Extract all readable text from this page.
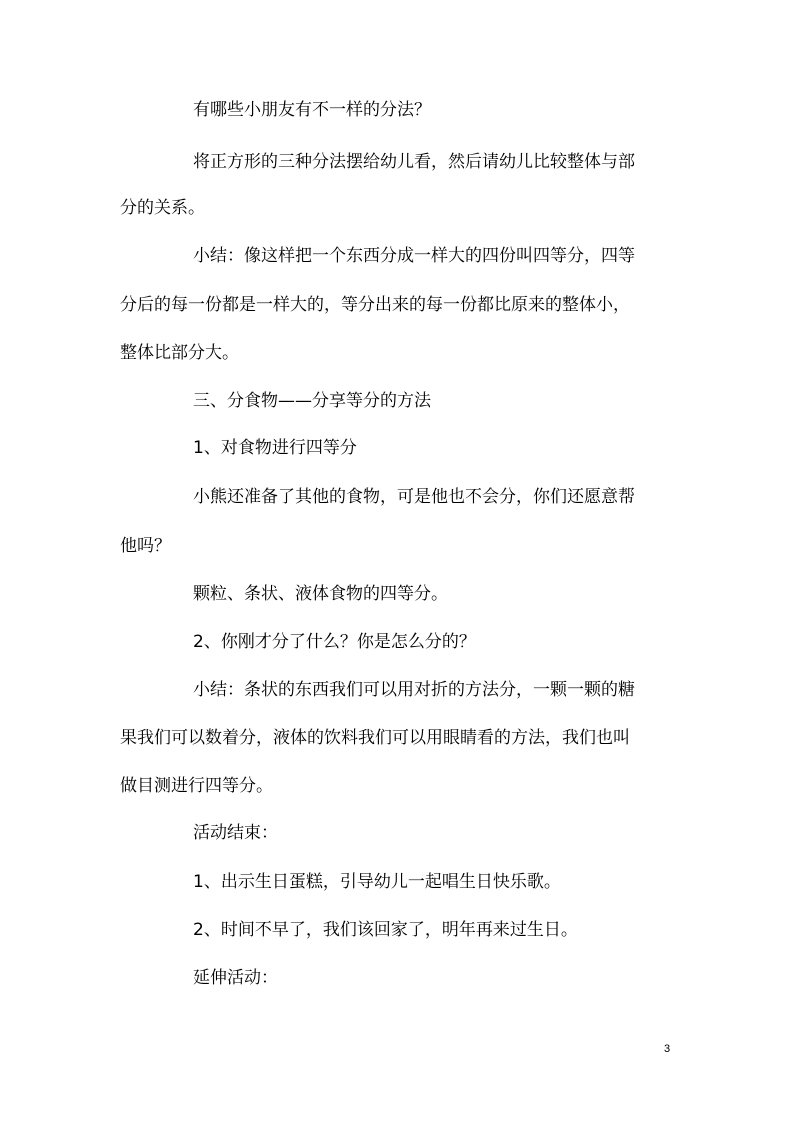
有哪些小朋友有不一样的分法？
将正方形的三种分法摆给幼儿看，然后请幼儿比较整体与部
分的关系。
小结：像这样把一个东西分成一样大的四份叫四等分，四等
分后的每一份都是一样大的，等分出来的每一份都比原来的整体小，
整体比部分大。
三、分食物——分享等分的方法
1、对食物进行四等分
小熊还准备了其他的食物，可是他也不会分，你们还愿意帮
他吗？
颗粒、条状、液体食物的四等分。
2、你刚才分了什么？你是怎么分的？
小结：条状的东西我们可以用对折的方法分，一颗一颗的糖
果我们可以数着分，液体的饮料我们可以用眼睛看的方法，我们也叫
做目测进行四等分。
活动结束：
1、出示生日蛋糕，引导幼儿一起唱生日快乐歌。
2、时间不早了，我们该回家了，明年再来过生日。
延伸活动：
3
